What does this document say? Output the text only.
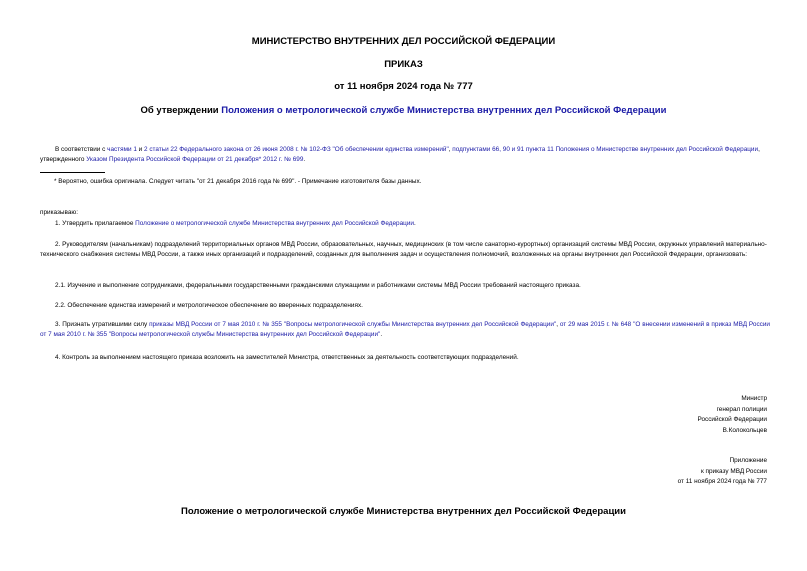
МИНИСТЕРСТВО ВНУТРЕННИХ ДЕЛ РОССИЙСКОЙ ФЕДЕРАЦИИ
ПРИКАЗ
от 11 ноября 2024 года № 777
Об утверждении Положения о метрологической службе Министерства внутренних дел Российской Федерации
В соответствии с частями 1 и 2 статьи 22 Федерального закона от 26 июня 2008 г. № 102-ФЗ "Об обеспечении единства измерений", подпунктами 66, 90 и 91 пункта 11 Положения о Министерстве внутренних дел Российской Федерации, утвержденного Указом Президента Российской Федерации от 21 декабря* 2012 г. № 699.
* Вероятно, ошибка оригинала. Следует читать "от 21 декабря 2016 года № 699". - Примечание изготовителя базы данных.
приказываю:
1. Утвердить прилагаемое Положение о метрологической службе Министерства внутренних дел Российской Федерации.
2. Руководителям (начальникам) подразделений территориальных органов МВД России, образовательных, научных, медицинских (в том числе санаторно-курортных) организаций системы МВД России, окружных управлений материально-технического снабжения системы МВД России, а также иных организаций и подразделений, созданных для выполнения задач и осуществления полномочий, возложенных на органы внутренних дел Российской Федерации, организовать:
2.1. Изучение и выполнение сотрудниками, федеральными государственными гражданскими служащими и работниками системы МВД России требований настоящего приказа.
2.2. Обеспечение единства измерений и метрологическое обеспечение во вверенных подразделениях.
3. Признать утратившими силу приказы МВД России от 7 мая 2010 г. № 355 "Вопросы метрологической службы Министерства внутренних дел Российской Федерации", от 29 мая 2015 г. № 648 "О внесении изменений в приказ МВД России от 7 мая 2010 г. № 355 "Вопросы метрологической службы Министерства внутренних дел Российской Федерации".
4. Контроль за выполнением настоящего приказа возложить на заместителей Министра, ответственных за деятельность соответствующих подразделений.
Министр
генерал полиции
Российской Федерации
В.Колокольцев
Приложение
к приказу МВД России
от 11 ноября 2024 года № 777
Положение о метрологической службе Министерства внутренних дел Российской Федерации
